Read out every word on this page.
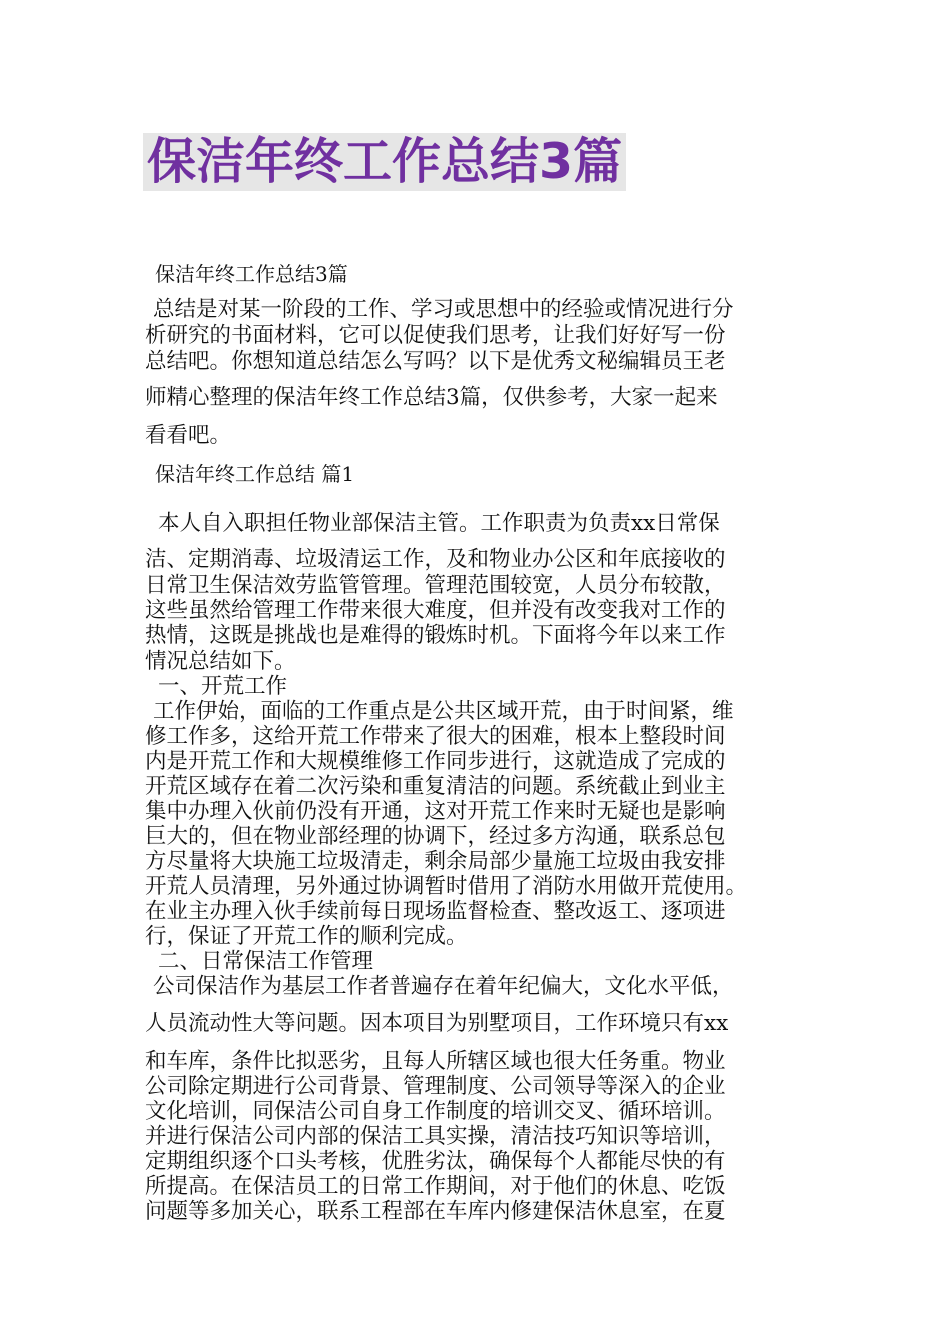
保洁年终工作总结3篇
保洁年终工作总结3篇
总结是对某一阶段的工作、学习或思想中的经验或情况进行分
析研究的书面材料，它可以促使我们思考，让我们好好写一份
总结吧。你想知道总结怎么写吗？以下是优秀文秘编辑员王老
师精心整理的保洁年终工作总结3篇，仅供参考，大家一起来
看看吧。
保洁年终工作总结 篇1
本人自入职担任物业部保洁主管。工作职责为负责xx日常保
洁、定期消毒、垃圾清运工作，及和物业办公区和年底接收的
日常卫生保洁效劳监管管理。管理范围较宽，人员分布较散，
这些虽然给管理工作带来很大难度，但并没有改变我对工作的
热情，这既是挑战也是难得的锻炼时机。下面将今年以来工作
情况总结如下。
一、开荒工作
工作伊始，面临的工作重点是公共区域开荒，由于时间紧，维
修工作多，这给开荒工作带来了很大的困难，根本上整段时间
内是开荒工作和大规模维修工作同步进行，这就造成了完成的
开荒区域存在着二次污染和重复清洁的问题。系统截止到业主
集中办理入伙前仍没有开通，这对开荒工作来时无疑也是影响
巨大的，但在物业部经理的协调下，经过多方沟通，联系总包
方尽量将大块施工垃圾清走，剩余局部少量施工垃圾由我安排
开荒人员清理，另外通过协调暂时借用了消防水用做开荒使用。
在业主办理入伙手续前每日现场监督检查、整改返工、逐项进
行，保证了开荒工作的顺利完成。
二、日常保洁工作管理
公司保洁作为基层工作者普遍存在着年纪偏大，文化水平低，
人员流动性大等问题。因本项目为别墅项目，工作环境只有xx
和车库，条件比拟恶劣，且每人所辖区域也很大任务重。物业
公司除定期进行公司背景、管理制度、公司领导等深入的企业
文化培训，同保洁公司自身工作制度的培训交叉、循环培训。
并进行保洁公司内部的保洁工具实操，清洁技巧知识等培训，
定期组织逐个口头考核，优胜劣汰，确保每个人都能尽快的有
所提高。在保洁员工的日常工作期间，对于他们的休息、吃饭
问题等多加关心，联系工程部在车库内修建保洁休息室，在夏
